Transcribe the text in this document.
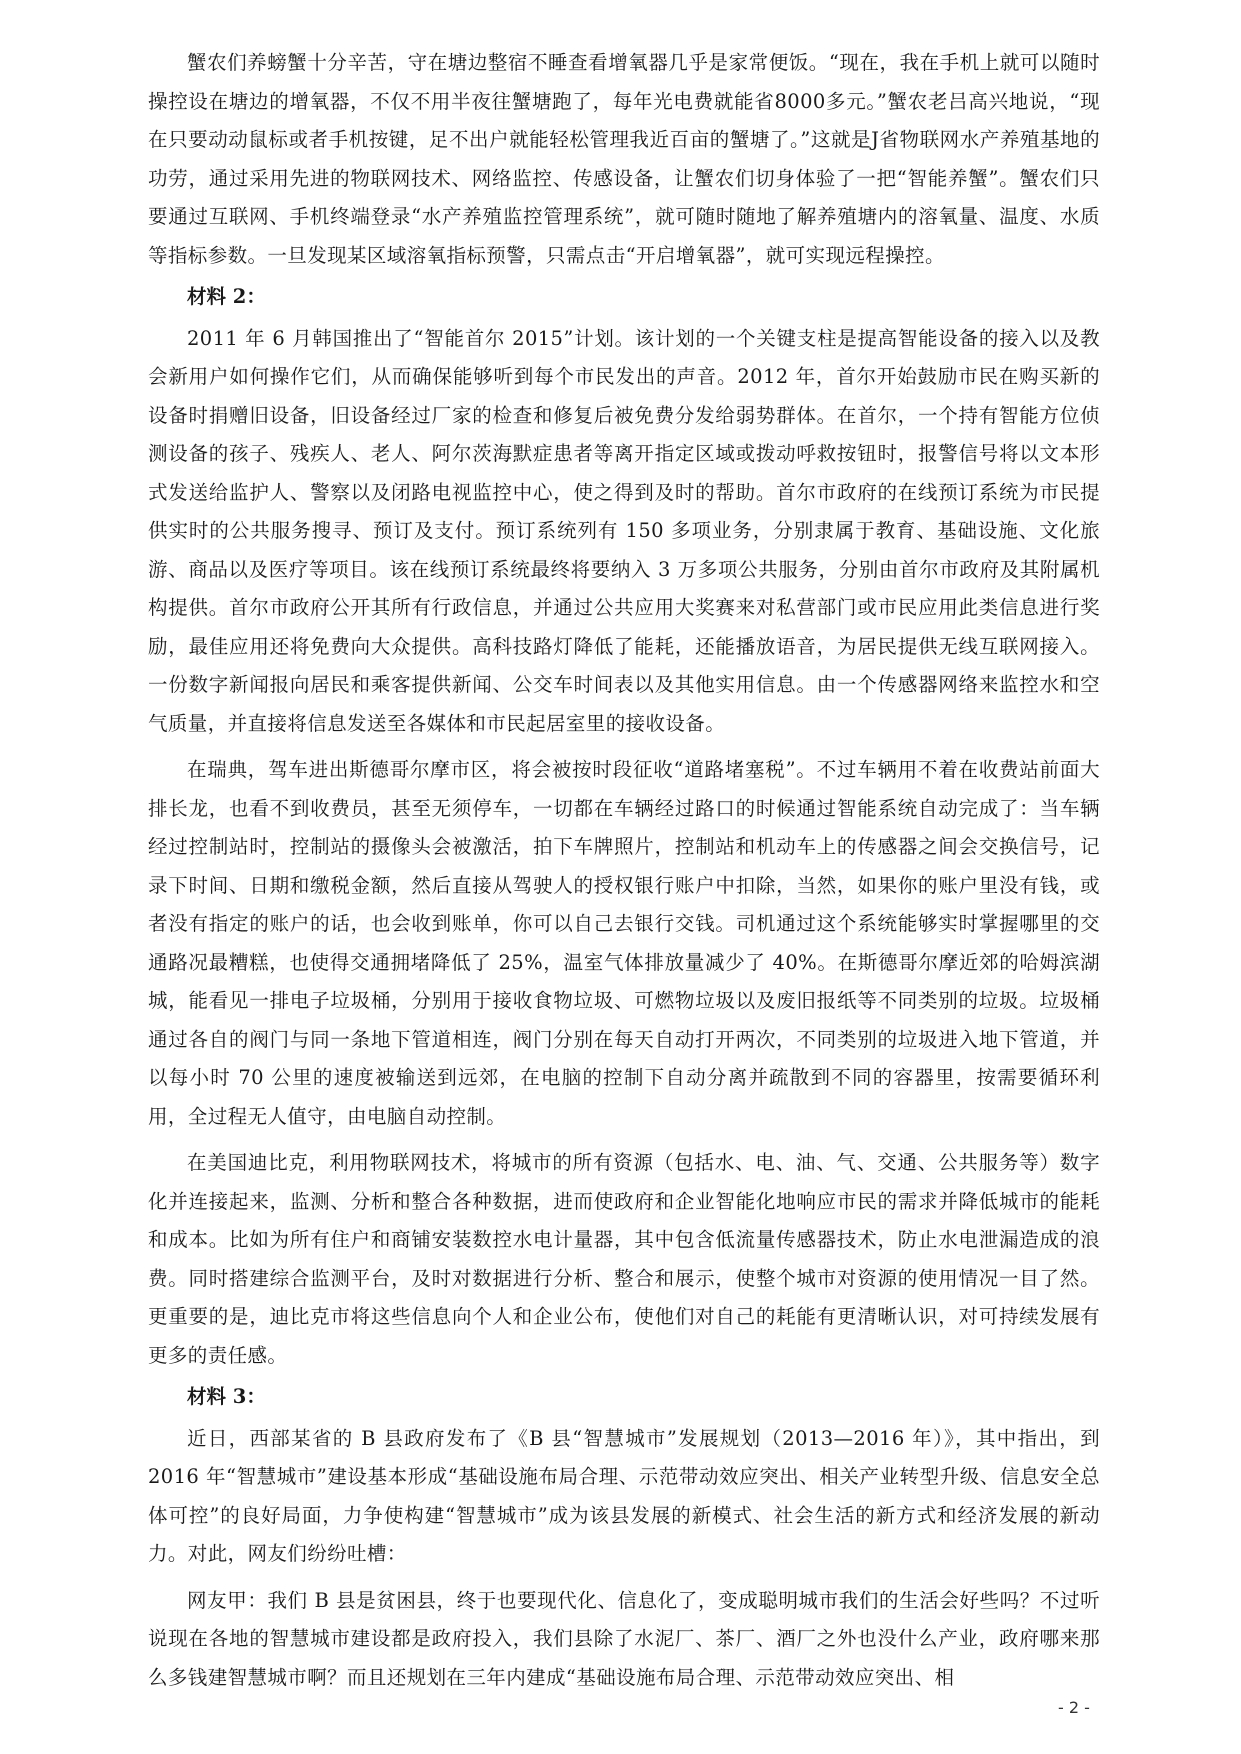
蟹农们养螃蟹十分辛苦，守在塘边整宿不睡查看增氧器几乎是家常便饭。“现在，我在手机上就可以随时操控设在塘边的增氧器，不仅不用半夜往蟹塘跑了，每年光电费就能省8000多元。”蟹农老吕高兴地说，“现在只要动动鼠标或者手机按键，足不出户就能轻松管理我近百亩的蟹塘了。”这就是J省物联网水产养殖基地的功劳，通过采用先进的物联网技术、网络监控、传感设备，让蟹农们切身体验了一把“智能养蟹”。蟹农们只要通过互联网、手机终端登录“水产养殖监控管理系统”，就可随时随地了解养殖塘内的溶氧量、温度、水质等指标参数。一旦发现某区域溶氧指标预警，只需点击“开启增氧器”，就可实现远程操控。

材料 2：

2011 年 6 月韩国推出了“智能首尔 2015”计划。该计划的一个关键支柱是提高智能设备的接入以及教会新用户如何操作它们，从而确保能够听到每个市民发出的声音。2012 年，首尔开始鼓励市民在购买新的设备时捐赠旧设备，旧设备经过厂家的检查和修复后被免费分发给弱势群体。在首尔，一个持有智能方位侦测设备的孩子、残疾人、老人、阿尔茨海默症患者等离开指定区域或拨动呼救按钮时，报警信号将以文本形式发送给监护人、警察以及闭路电视监控中心，使之得到及时的帮助。首尔市政府的在线预订系统为市民提供实时的公共服务搜寻、预订及支付。预订系统列有 150 多项业务，分别隶属于教育、基础设施、文化旅游、商品以及医疗等项目。该在线预订系统最终将要纳入 3 万多项公共服务，分别由首尔市政府及其附属机构提供。首尔市政府公开其所有行政信息，并通过公共应用大奖赛来对私营部门或市民应用此类信息进行奖励，最佳应用还将免费向大众提供。高科技路灯降低了能耗，还能播放语音，为居民提供无线互联网接入。一份数字新闻报向居民和乘客提供新闻、公交车时间表以及其他实用信息。由一个传感器网络来监控水和空气质量，并直接将信息发送至各媒体和市民起居室里的接收设备。

在瑞典，驾车进出斯德哥尔摩市区，将会被按时段征收“道路堵塞税”。不过车辆用不着在收费站前面大排长龙，也看不到收费员，甚至无须停车，一切都在车辆经过路口的时候通过智能系统自动完成了：当车辆经过控制站时，控制站的摄像头会被激活，拍下车牌照片，控制站和机动车上的传感器之间会交换信号，记录下时间、日期和缴税金额，然后直接从驾驶人的授权银行账户中扣除，当然，如果你的账户里没有钱，或者没有指定的账户的话，也会收到账单，你可以自己去银行交钱。司机通过这个系统能够实时掌握哪里的交通路况最糟糕，也使得交通拥堵降低了 25%，温室气体排放量减少了 40%。在斯德哥尔摩近郊的哈姆滨湖城，能看见一排电子垃圾桶，分别用于接收食物垃圾、可燃物垃圾以及废旧报纸等不同类别的垃圾。垃圾桶通过各自的阀门与同一条地下管道相连，阀门分别在每天自动打开两次，不同类别的垃圾进入地下管道，并以每小时 70 公里的速度被输送到远郊，在电脑的控制下自动分离并疏散到不同的容器里，按需要循环利用，全过程无人值守，由电脑自动控制。

在美国迪比克，利用物联网技术，将城市的所有资源（包括水、电、油、气、交通、公共服务等）数字化并连接起来，监测、分析和整合各种数据，进而使政府和企业智能化地响应市民的需求并降低城市的能耗和成本。比如为所有住户和商铺安装数控水电计量器，其中包含低流量传感器技术，防止水电泄漏造成的浪费。同时搭建综合监测平台，及时对数据进行分析、整合和展示，使整个城市对资源的使用情况一目了然。更重要的是，迪比克市将这些信息向个人和企业公布，使他们对自己的耗能有更清晰认识，对可持续发展有更多的责任感。

材料 3：

近日，西部某省的 B 县政府发布了《B 县“智慧城市”发展规划（2013—2016 年）》，其中指出，到 2016 年“智慧城市”建设基本形成“基础设施布局合理、示范带动效应突出、相关产业转型升级、信息安全总体可控”的良好局面，力争使构建“智慧城市”成为该县发展的新模式、社会生活的新方式和经济发展的新动力。对此，网友们纷纷吐槽：

网友甲：我们 B 县是贫困县，终于也要现代化、信息化了，变成聪明城市我们的生活会好些吗？不过听说现在各地的智慧城市建设都是政府投入，我们县除了水泥厂、茶厂、酒厂之外也没什么产业，政府哪来那么多钱建智慧城市啊？而且还规划在三年内建成“基础设施布局合理、示范带动效应突出、相

- 2 -
